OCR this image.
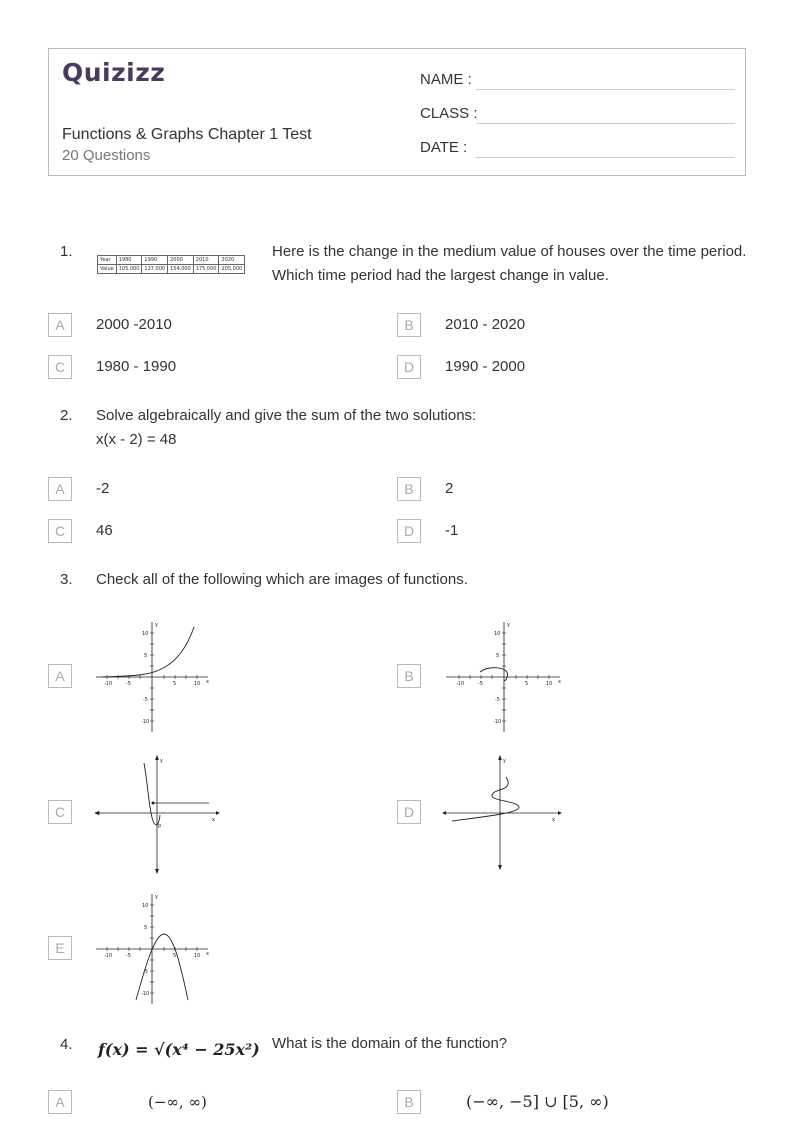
Quizizz
Functions & Graphs Chapter 1 Test
20 Questions
NAME :
CLASS :
DATE :
1.	Year	1980	1990	2000	2010	2020
Value	105,000	127,000	154,000	175,000	205,000
Here is the change in the medium value of houses over the time period. Which time period had the largest change in value.
A	2000 -2010	B	2010 - 2020
C	1980 - 1990	D	1990 - 2000
2. Solve algebraically and give the sum of the two solutions:
x(x - 2) = 48
A	-2	B	2
C	46	D	-1
3. Check all of the following which are images of functions.
A	x
y
-10	-5	5	10
10
5
-5
-10
B	x
y
-10	-5	5	10
10
5
-5
-10
C	x
y
p
D	x
y
E	x
y
-10	-5	5	10
10
5
-5
-10
4. f(x) = √(x⁴ − 25x²) What is the domain of the function?
A	(−∞, ∞)	B	(−∞, −5] ∪ [5, ∞)
